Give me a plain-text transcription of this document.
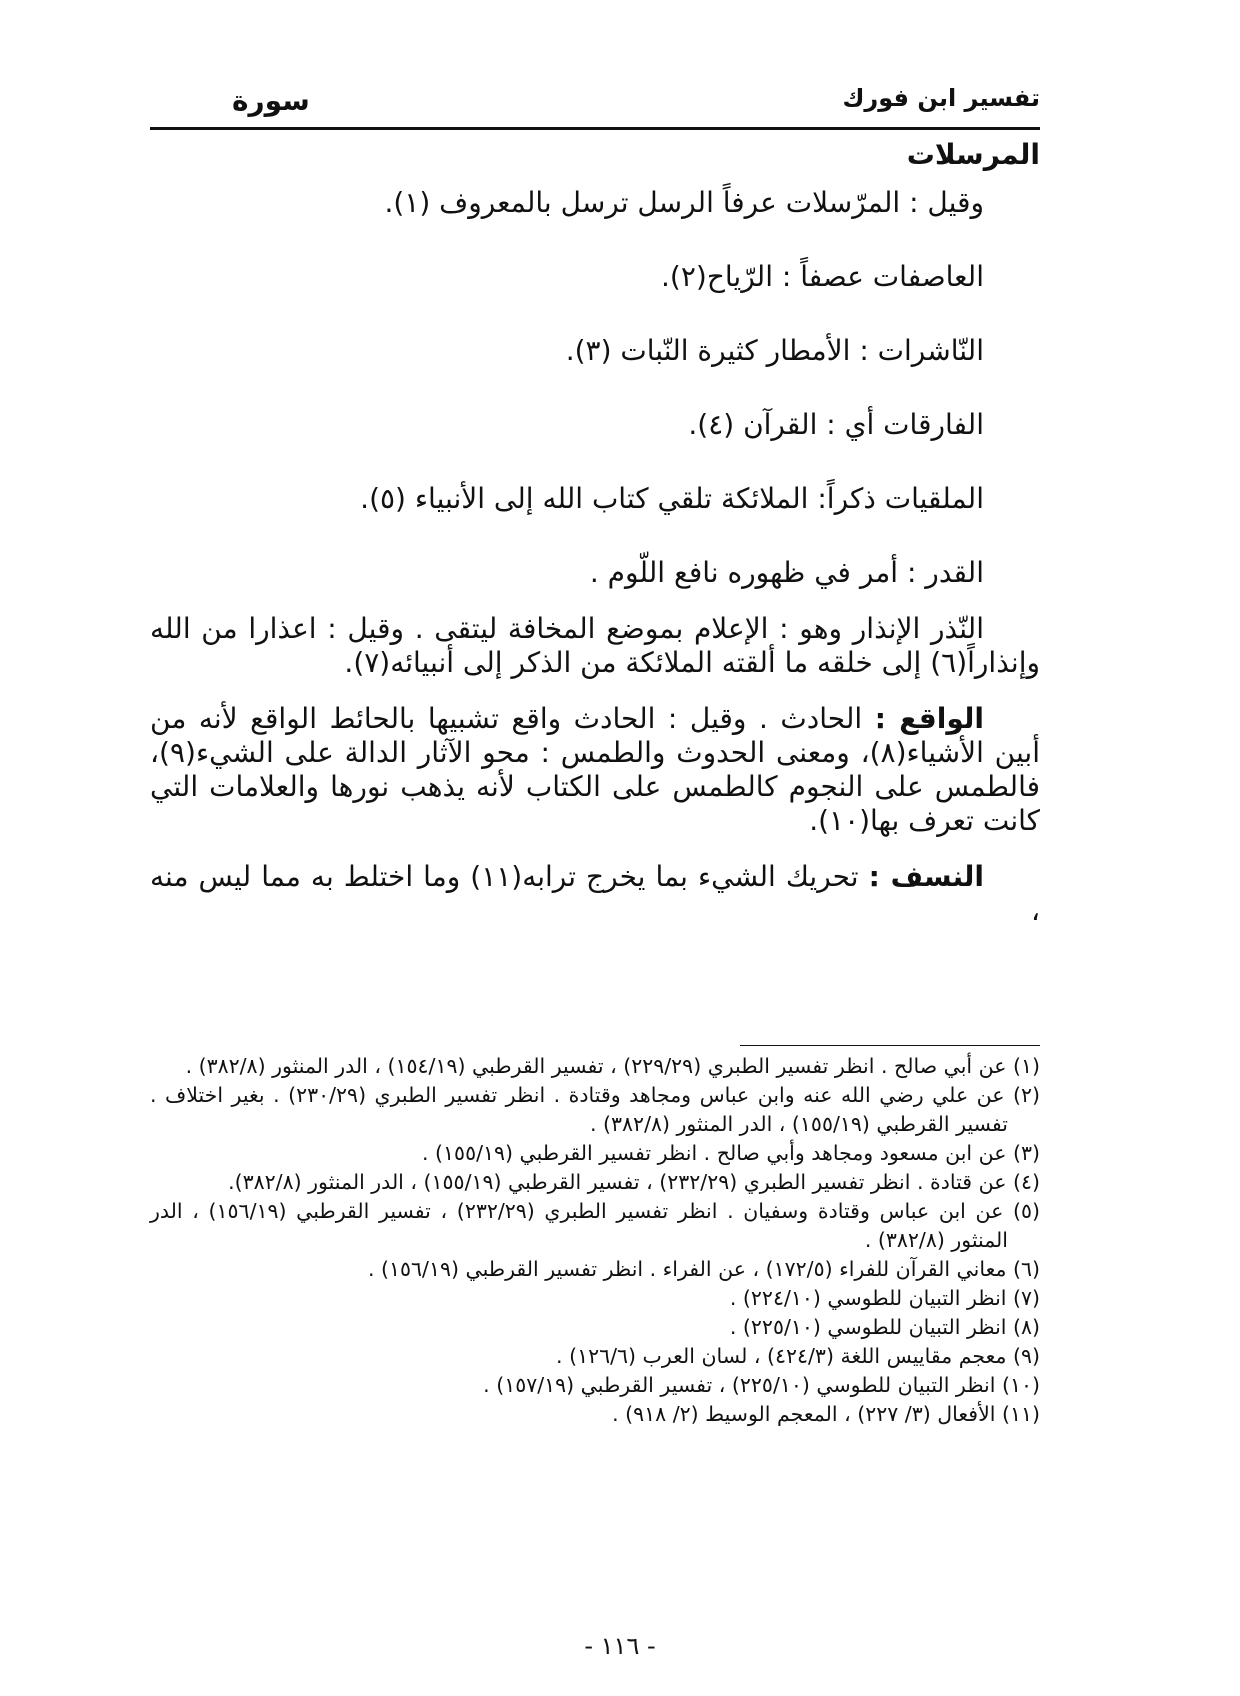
تفسير ابن فورك
سورة
المرسلات

وقيل : المرّسلات عرفاً الرسل ترسل بالمعروف (١).

العاصفات عصفاً : الرّياح(٢).

النّاشرات : الأمطار كثيرة النّبات (٣).

الفارقات أي : القرآن (٤).

الملقيات ذكراً: الملائكة تلقي كتاب الله إلى الأنبياء (٥).

القدر : أمر في ظهوره نافع اللّوم .

النّذر الإنذار وهو : الإعلام بموضع المخافة ليتقى . وقيل : اعذارا من الله وإنذاراً(٦) إلى خلقه ما ألقته الملائكة من الذكر إلى أنبيائه(٧).

الواقع : الحادث . وقيل : الحادث واقع تشبيها بالحائط الواقع لأنه من أبين الأشياء(٨)، ومعنى الحدوث والطمس : محو الآثار الدالة على الشيء(٩)، فالطمس على النجوم كالطمس على الكتاب لأنه يذهب نورها والعلامات التي كانت تعرف بها(١٠).

النسف : تحريك الشيء بما يخرج ترابه(١١) وما اختلط به مما ليس منه ،

(١) عن أبي صالح . انظر تفسير الطبري (٢٢٩/٢٩) ، تفسير القرطبي (١٥٤/١٩) ، الدر المنثور (٣٨٢/٨) .
(٢) عن علي رضي الله عنه وابن عباس ومجاهد وقتادة . انظر تفسير الطبري (٢٣٠/٢٩) . بغير اختلاف . تفسير القرطبي (١٥٥/١٩) ، الدر المنثور (٣٨٢/٨) .
(٣) عن ابن مسعود ومجاهد وأبي صالح . انظر تفسير القرطبي (١٥٥/١٩) .
(٤) عن قتادة . انظر تفسير الطبري (٢٣٢/٢٩) ، تفسير القرطبي (١٥٥/١٩) ، الدر المنثور (٣٨٢/٨).
(٥) عن ابن عباس وقتادة وسفيان . انظر تفسير الطبري (٢٣٢/٢٩) ، تفسير القرطبي (١٥٦/١٩) ، الدر المنثور (٣٨٢/٨) .
(٦) معاني القرآن للفراء (١٧٢/٥) ، عن الفراء . انظر تفسير القرطبي (١٥٦/١٩) .
(٧) انظر التبيان للطوسي (٢٢٤/١٠) .
(٨) انظر التبيان للطوسي (٢٢٥/١٠) .
(٩) معجم مقاييس اللغة (٤٢٤/٣) ، لسان العرب (١٢٦/٦) .
(١٠) انظر التبيان للطوسي (٢٢٥/١٠) ، تفسير القرطبي (١٥٧/١٩) .
(١١) الأفعال (٣/ ٢٢٧) ، المعجم الوسيط (٢/ ٩١٨) .
- ١١٦ -
